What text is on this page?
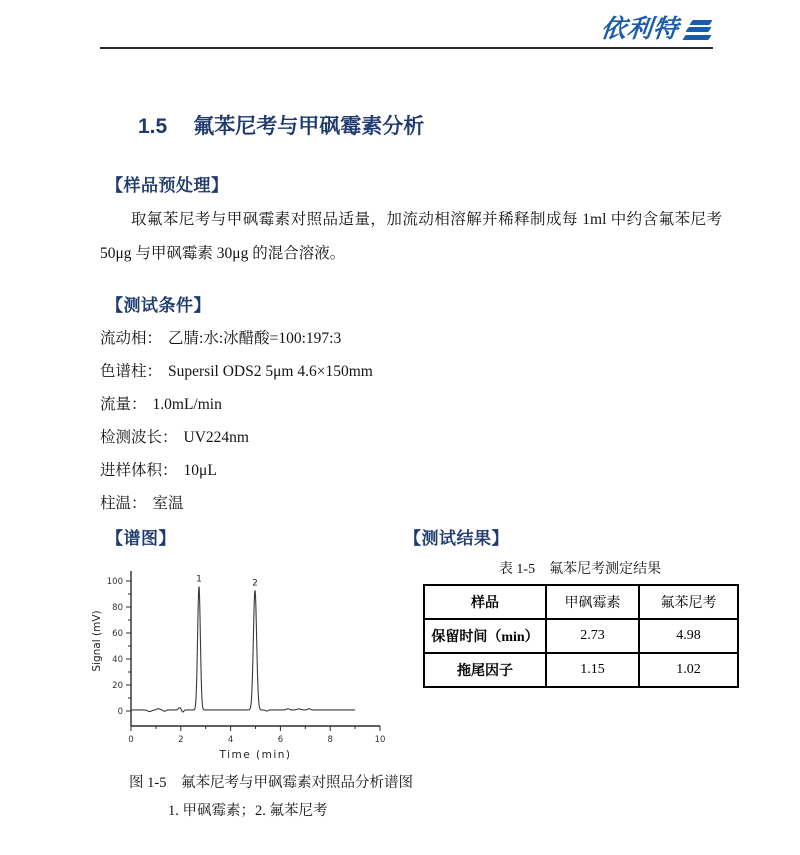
依利特
1.5 氟苯尼考与甲砜霉素分析
【样品预处理】
取氟苯尼考与甲砜霉素对照品适量，加流动相溶解并稀释制成每 1ml 中约含氟苯尼考 50μg 与甲砜霉素 30μg 的混合溶液。
【测试条件】
流动相： 乙腈:水:冰醋酸=100:197:3
色谱柱： Supersil ODS2 5μm 4.6×150mm
流量： 1.0mL/min
检测波长： UV224nm
进样体积： 10μL
柱温： 室温
【谱图】	【测试结果】
表 1-5　氟苯尼考测定结果
样品	甲砜霉素	氟苯尼考
保留时间（min）	2.73	4.98
拖尾因子	1.15	1.02
0	2	4	6	8	10
0
20
40
60
80
100
Time (min)
Signal (mV)
1	2
图 1-5　氟苯尼考与甲砜霉素对照品分析谱图
1. 甲砜霉素；2. 氟苯尼考
